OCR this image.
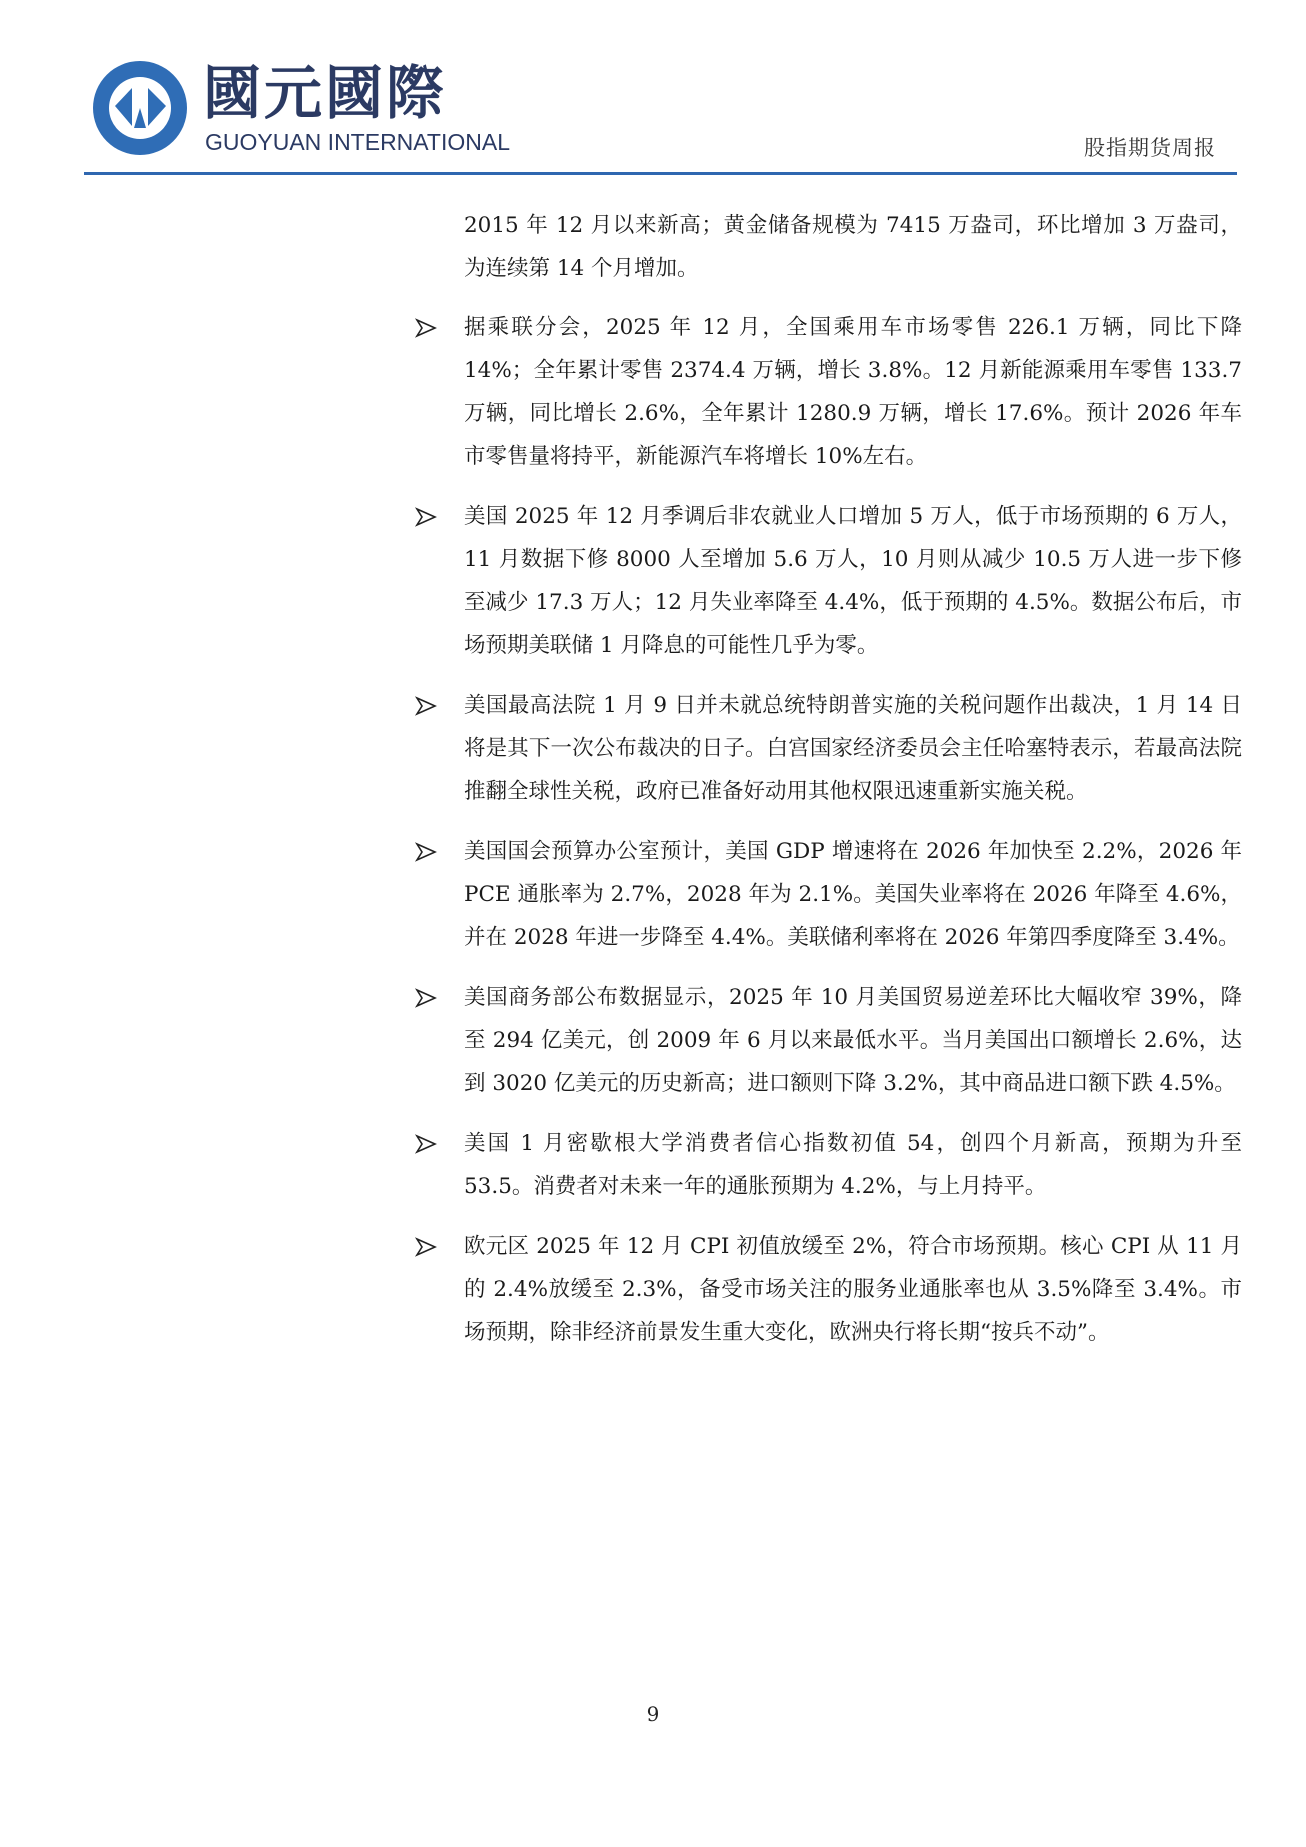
國元國際
GUOYUAN INTERNATIONAL	股指期货周报

2015 年 12 月以来新高；黄金储备规模为 7415 万盎司，环比增加 3 万盎司，为连续第 14 个月增加。

据乘联分会，2025 年 12 月，全国乘用车市场零售 226.1 万辆，同比下降 14%；全年累计零售 2374.4 万辆，增长 3.8%。12 月新能源乘用车零售 133.7 万辆，同比增长 2.6%，全年累计 1280.9 万辆，增长 17.6%。预计 2026 年车市零售量将持平，新能源汽车将增长 10%左右。
美国 2025 年 12 月季调后非农就业人口增加 5 万人，低于市场预期的 6 万人，11 月数据下修 8000 人至增加 5.6 万人，10 月则从减少 10.5 万人进一步下修至减少 17.3 万人；12 月失业率降至 4.4%，低于预期的 4.5%。数据公布后，市场预期美联储 1 月降息的可能性几乎为零。
美国最高法院 1 月 9 日并未就总统特朗普实施的关税问题作出裁决，1 月 14 日将是其下一次公布裁决的日子。白宫国家经济委员会主任哈塞特表示，若最高法院推翻全球性关税，政府已准备好动用其他权限迅速重新实施关税。
美国国会预算办公室预计，美国 GDP 增速将在 2026 年加快至 2.2%，2026 年 PCE 通胀率为 2.7%，2028 年为 2.1%。美国失业率将在 2026 年降至 4.6%，并在 2028 年进一步降至 4.4%。美联储利率将在 2026 年第四季度降至 3.4%。
美国商务部公布数据显示，2025 年 10 月美国贸易逆差环比大幅收窄 39%，降至 294 亿美元，创 2009 年 6 月以来最低水平。当月美国出口额增长 2.6%，达到 3020 亿美元的历史新高；进口额则下降 3.2%，其中商品进口额下跌 4.5%。
美国 1 月密歇根大学消费者信心指数初值 54，创四个月新高，预期为升至 53.5。消费者对未来一年的通胀预期为 4.2%，与上月持平。
欧元区 2025 年 12 月 CPI 初值放缓至 2%，符合市场预期。核心 CPI 从 11 月的 2.4%放缓至 2.3%，备受市场关注的服务业通胀率也从 3.5%降至 3.4%。市场预期，除非经济前景发生重大变化，欧洲央行将长期“按兵不动”。
9
